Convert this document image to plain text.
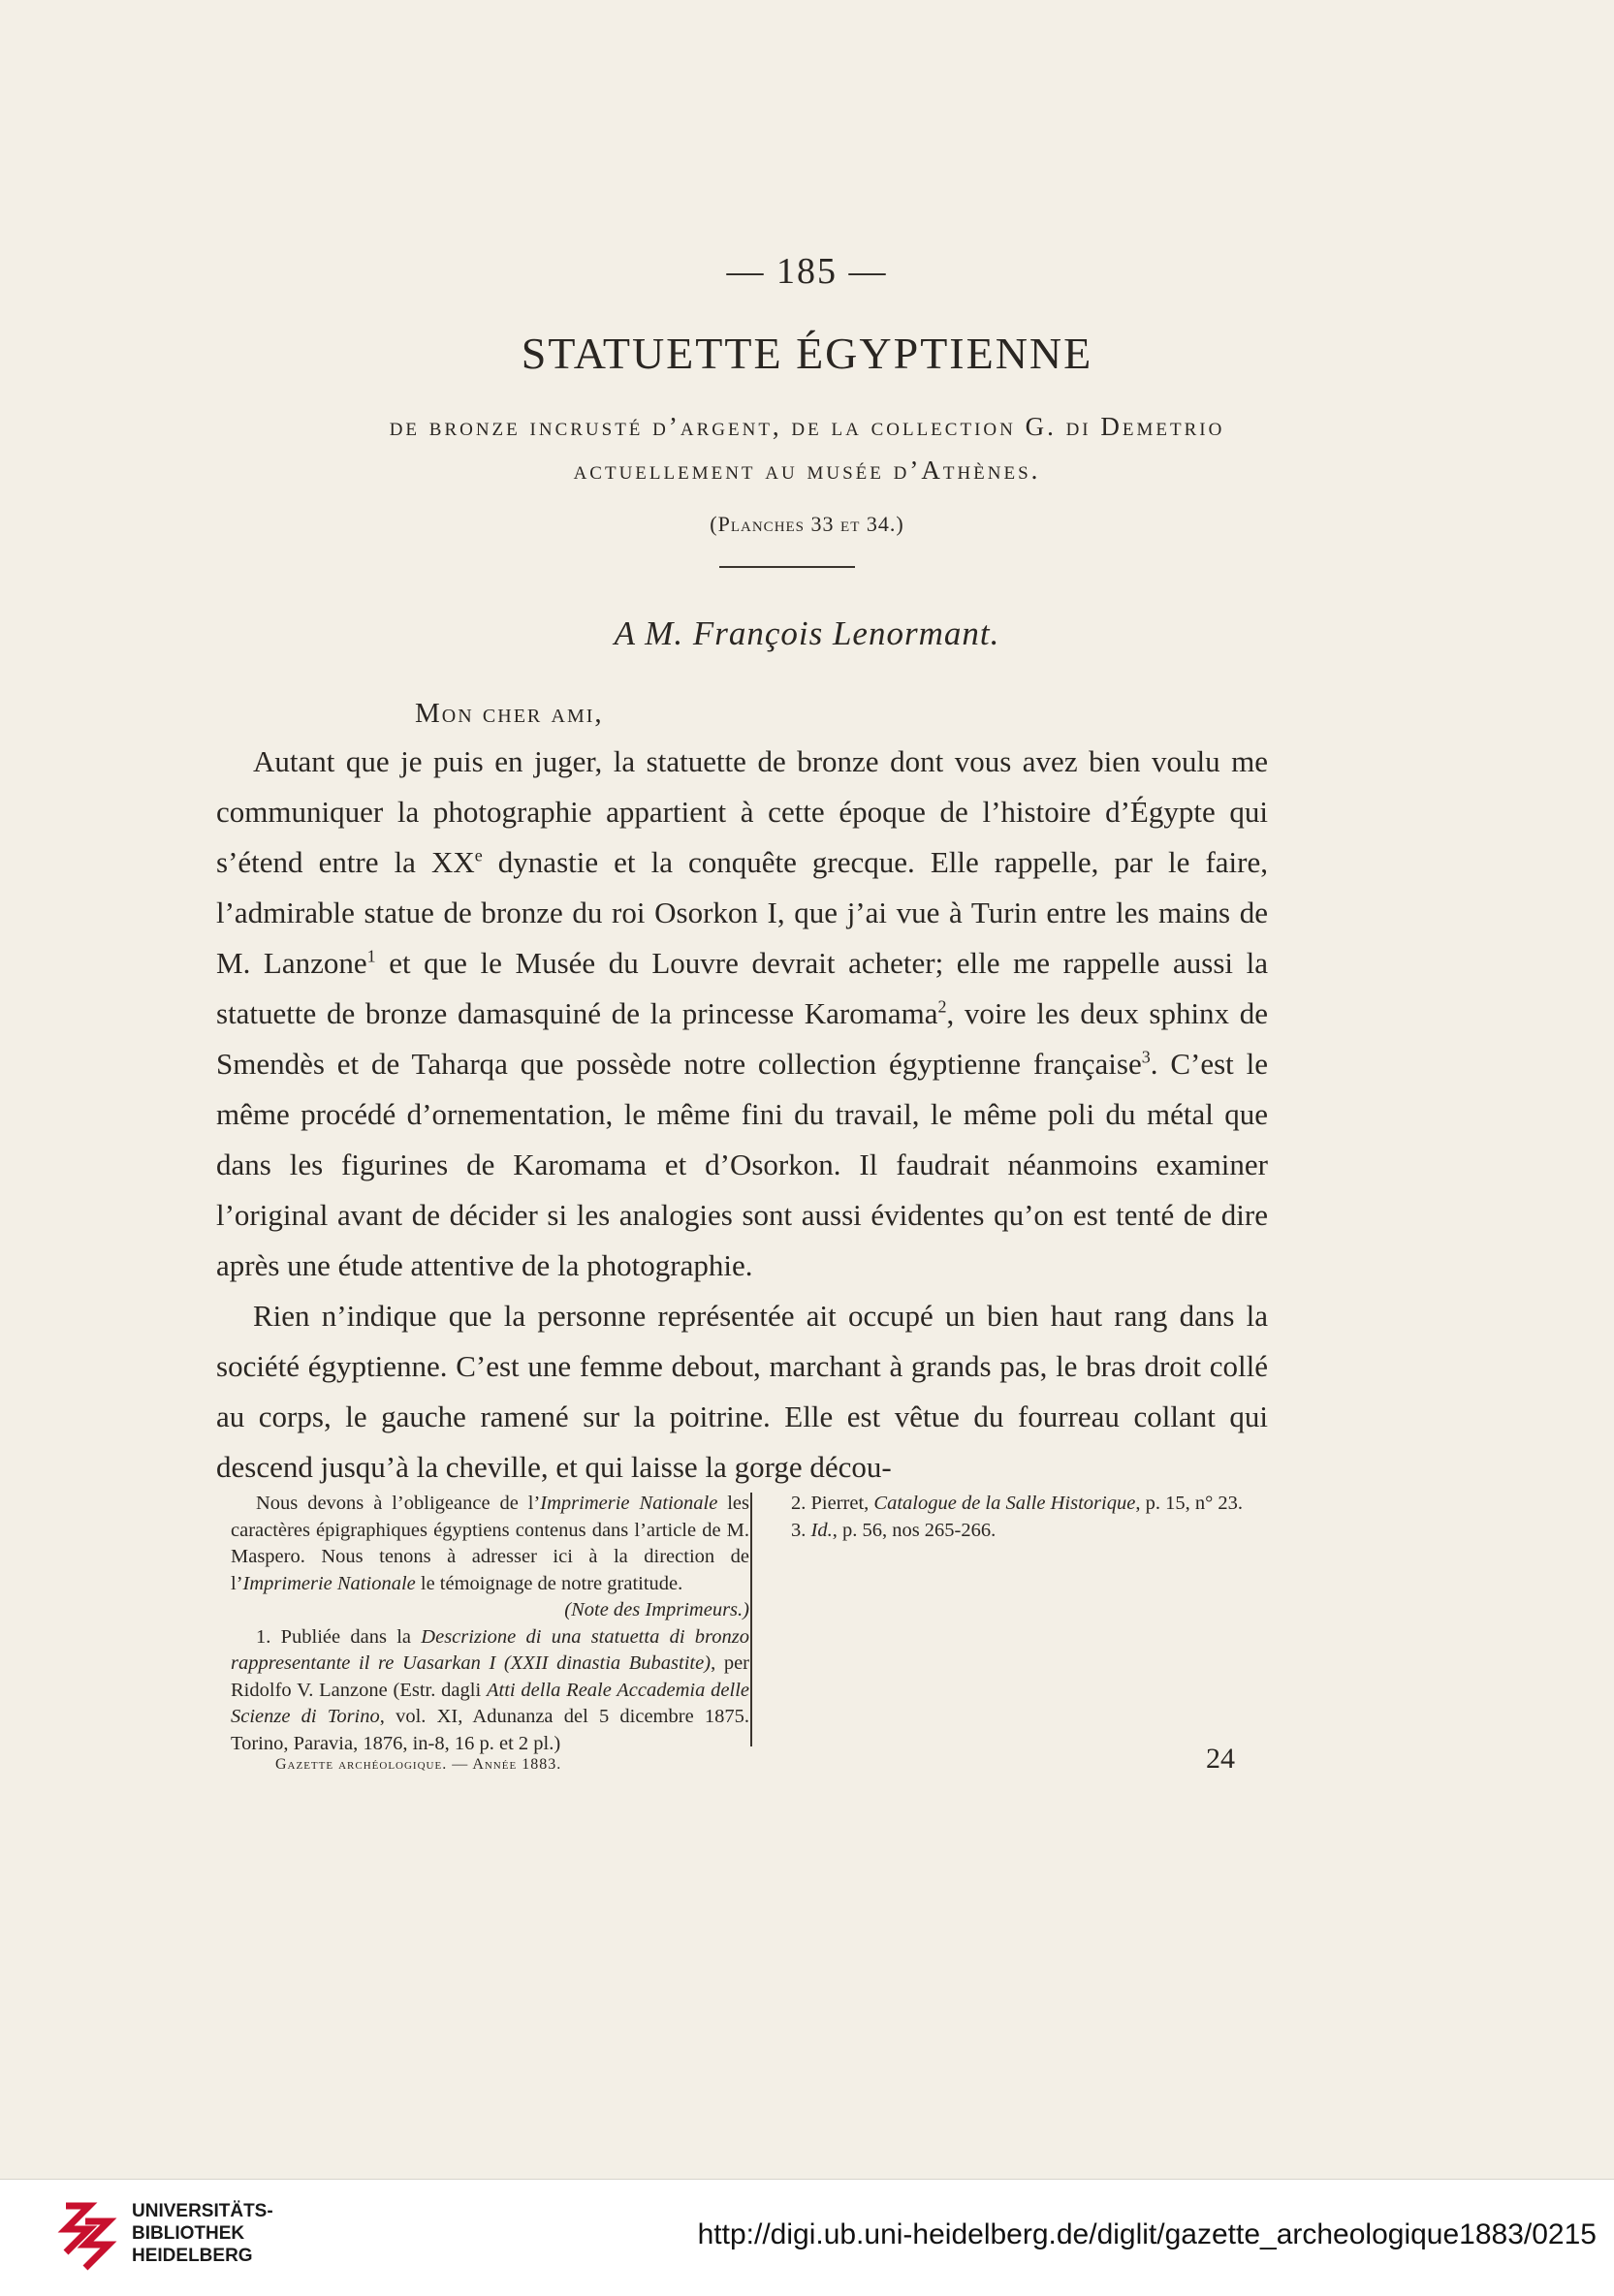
— 185 —
STATUETTE ÉGYPTIENNE
de bronze incrusté d’argent, de la collection G. di Demetrio
actuellement au musée d’Athènes.
(Planches 33 et 34.)
A M. François Lenormant.
Mon cher ami,

Autant que je puis en juger, la statuette de bronze dont vous avez bien voulu me communiquer la photographie appartient à cette époque de l’histoire d’Égypte qui s’étend entre la XXe dynastie et la conquête grecque. Elle rappelle, par le faire, l’admirable statue de bronze du roi Osorkon I, que j’ai vue à Turin entre les mains de M. Lanzone$^1$ et que le Musée du Louvre devrait acheter; elle me rappelle aussi la statuette de bronze damasquiné de la princesse Karomama$^2$, voire les deux sphinx de Smendès et de Taharqa que possède notre collection égyptienne française$^3$. C’est le même procédé d’ornementation, le même fini du travail, le même poli du métal que dans les figurines de Karomama et d’Osorkon. Il faudrait néanmoins examiner l’original avant de décider si les analogies sont aussi évidentes qu’on est tenté de dire après une étude attentive de la photographie.

Rien n’indique que la personne représentée ait occupé un bien haut rang dans la société égyptienne. C’est une femme debout, marchant à grands pas, le bras droit collé au corps, le gauche ramené sur la poitrine. Elle est vêtue du fourreau collant qui descend jusqu’à la cheville, et qui laisse la gorge décou-

Nous devons à l’obligeance de l’Imprimerie Nationale les caractères épigraphiques égyptiens contenus dans l’article de M. Maspero. Nous tenons à adresser ici à la direction de l’Imprimerie Nationale le témoignage de notre gratitude.

(Note des Imprimeurs.)

1. Publiée dans la Descrizione di una statuetta di bronzo rappresentante il re Uasarkan I (XXII dinastia Bubastite), per Ridolfo V. Lanzone (Estr. dagli Atti della Reale Accademia delle Scienze di Torino, vol. XI, Adunanza del 5 dicembre 1875. Torino, Paravia, 1876, in-8, 16 p. et 2 pl.)

2. Pierret, Catalogue de la Salle Historique, p. 15, n° 23.

3. Id., p. 56, nos 265-266.

Gazette archéologique. — Année 1883.	24
UNIVERSITÄTS-
BIBLIOTHEK
HEIDELBERG
http://digi.ub.uni-heidelberg.de/diglit/gazette_archeologique1883/0215
